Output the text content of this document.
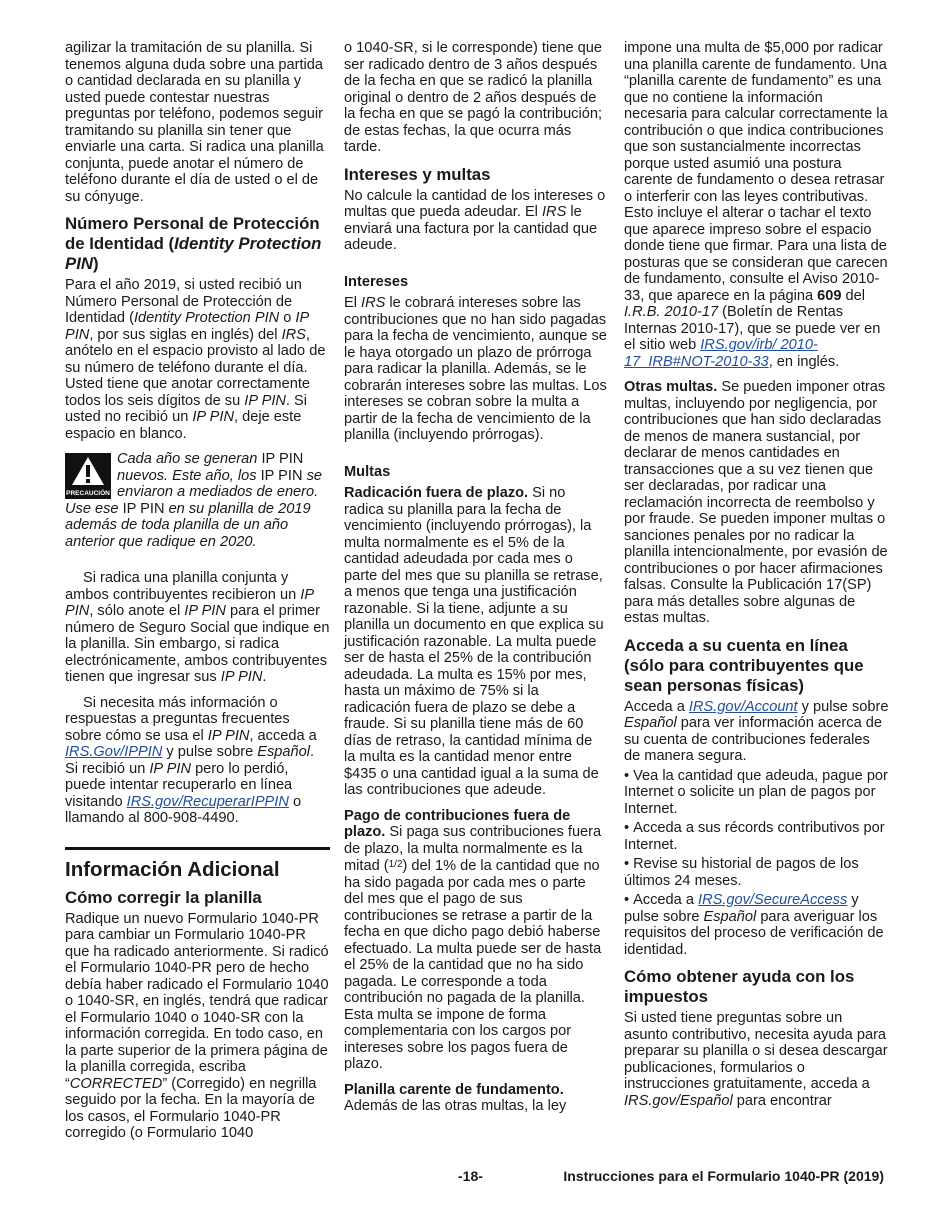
agilizar la tramitación de su planilla. Si tenemos alguna duda sobre una partida o cantidad declarada en su planilla y usted puede contestar nuestras preguntas por teléfono, podemos seguir tramitando su planilla sin tener que enviarle una carta. Si radica una planilla conjunta, puede anotar el número de teléfono durante el día de usted o el de su cónyuge.

Número Personal de Protección de Identidad (Identity Protection PIN)

Para el año 2019, si usted recibió un Número Personal de Protección de Identidad (Identity Protection PIN o IP PIN, por sus siglas en inglés) del IRS, anótelo en el espacio provisto al lado de su número de teléfono durante el día. Usted tiene que anotar correctamente todos los seis dígitos de su IP PIN. Si usted no recibió un IP PIN, deje este espacio en blanco.

PRECAUCIÓN

Cada año se generan IP PIN nuevos. Este año, los IP PIN se enviaron a mediados de enero. Use ese IP PIN en su planilla de 2019 además de toda planilla de un año anterior que radique en 2020.

Si radica una planilla conjunta y ambos contribuyentes recibieron un IP PIN, sólo anote el IP PIN para el primer número de Seguro Social que indique en la planilla. Sin embargo, si radica electrónicamente, ambos contribuyentes tienen que ingresar sus IP PIN.

Si necesita más información o respuestas a preguntas frecuentes sobre cómo se usa el IP PIN, acceda a IRS.Gov/IPPIN y pulse sobre Español. Si recibió un IP PIN pero lo perdió, puede intentar recuperarlo en línea visitando IRS.gov/RecuperarIPPIN o llamando al 800-908-4490.

Información Adicional
Cómo corregir la planilla

Radique un nuevo Formulario 1040-PR para cambiar un Formulario 1040-PR que ha radicado anteriormente. Si radicó el Formulario 1040-PR pero de hecho debía haber radicado el Formulario 1040 o 1040-SR, en inglés, tendrá que radicar el Formulario 1040 o 1040-SR con la información corregida. En todo caso, en la parte superior de la primera página de la planilla corregida, escriba “CORRECTED” (Corregido) en negrilla seguido por la fecha. En la mayoría de los casos, el Formulario 1040-PR corregido (o Formulario 1040

o 1040-SR, si le corresponde) tiene que ser radicado dentro de 3 años después de la fecha en que se radicó la planilla original o dentro de 2 años después de la fecha en que se pagó la contribución; de estas fechas, la que ocurra más tarde.

Intereses y multas

No calcule la cantidad de los intereses o multas que pueda adeudar. El IRS le enviará una factura por la cantidad que adeude.

Intereses

El IRS le cobrará intereses sobre las contribuciones que no han sido pagadas para la fecha de vencimiento, aunque se le haya otorgado un plazo de prórroga para radicar la planilla. Además, se le cobrarán intereses sobre las multas. Los intereses se cobran sobre la multa a partir de la fecha de vencimiento de la planilla (incluyendo prórrogas).

Multas

Radicación fuera de plazo. Si no radica su planilla para la fecha de vencimiento (incluyendo prórrogas), la multa normalmente es el 5% de la cantidad adeudada por cada mes o parte del mes que su planilla se retrase, a menos que tenga una justificación razonable. Si la tiene, adjunte a su planilla un documento en que explica su justificación razonable. La multa puede ser de hasta el 25% de la contribución adeudada. La multa es 15% por mes, hasta un máximo de 75% si la radicación fuera de plazo se debe a fraude. Si su planilla tiene más de 60 días de retraso, la cantidad mínima de la multa es la cantidad menor entre $435 o una cantidad igual a la suma de las contribuciones que adeude.

Pago de contribuciones fuera de plazo. Si paga sus contribuciones fuera de plazo, la multa normalmente es la mitad ($^{1/2}$) del 1% de la cantidad que no ha sido pagada por cada mes o parte del mes que el pago de sus contribuciones se retrase a partir de la fecha en que dicho pago debió haberse efectuado. La multa puede ser de hasta el 25% de la cantidad que no ha sido pagada. Le corresponde a toda contribución no pagada de la planilla. Esta multa se impone de forma complementaria con los cargos por intereses sobre los pagos fuera de plazo.

Planilla carente de fundamento. Además de las otras multas, la ley

impone una multa de $5,000 por radicar una planilla carente de fundamento. Una “planilla carente de fundamento” es una que no contiene la información necesaria para calcular correctamente la contribución o que indica contribuciones que son sustancialmente incorrectas porque usted asumió una postura carente de fundamento o desea retrasar o interferir con las leyes contributivas. Esto incluye el alterar o tachar el texto que aparece impreso sobre el espacio donde tiene que firmar. Para una lista de posturas que se consideran que carecen de fundamento, consulte el Aviso 2010-33, que aparece en la página 609 del I.R.B. 2010-17 (Boletín de Rentas Internas 2010-17), que se puede ver en el sitio web IRS.gov/irb/ 2010-17_IRB#NOT-2010-33, en inglés.

Otras multas. Se pueden imponer otras multas, incluyendo por negligencia, por contribuciones que han sido declaradas de menos de manera sustancial, por declarar de menos cantidades en transacciones que a su vez tienen que ser declaradas, por radicar una reclamación incorrecta de reembolso y por fraude. Se pueden imponer multas o sanciones penales por no radicar la planilla intencionalmente, por evasión de contribuciones o por hacer afirmaciones falsas. Consulte la Publicación 17(SP) para más detalles sobre algunas de estas multas.

Acceda a su cuenta en línea (sólo para contribuyentes que sean personas físicas)

Acceda a IRS.gov/Account y pulse sobre Español para ver información acerca de su cuenta de contribuciones federales de manera segura.

• Vea la cantidad que adeuda, pague por Internet o solicite un plan de pagos por Internet.

• Acceda a sus récords contributivos por Internet.

• Revise su historial de pagos de los últimos 24 meses.

• Acceda a IRS.gov/SecureAccess y pulse sobre Español para averiguar los requisitos del proceso de verificación de identidad.

Cómo obtener ayuda con los impuestos

Si usted tiene preguntas sobre un asunto contributivo, necesita ayuda para preparar su planilla o si desea descargar publicaciones, formularios o instrucciones gratuitamente, acceda a IRS.gov/Español para encontrar

-18-	Instrucciones para el Formulario 1040-PR (2019)
